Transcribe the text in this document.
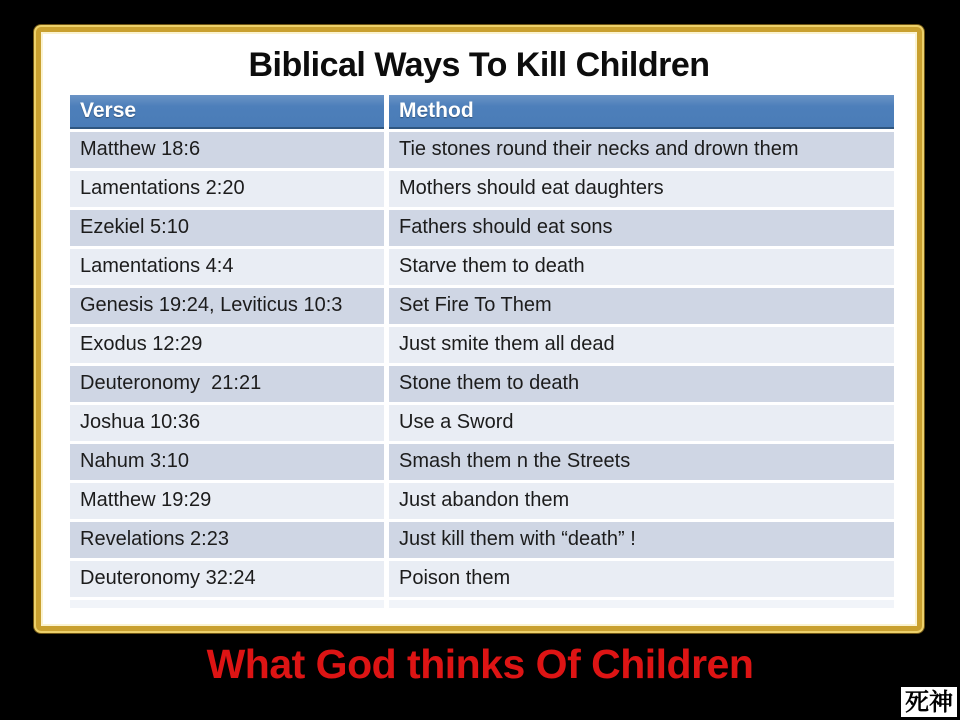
Biblical Ways To Kill Children
Verse	Method
Matthew 18:6	Tie stones round their necks and drown them
Lamentations 2:20	Mothers should eat daughters
Ezekiel 5:10	Fathers should eat sons
Lamentations 4:4	Starve them to death
Genesis 19:24, Leviticus 10:3	Set Fire To Them
Exodus 12:29	Just smite them all dead
Deuteronomy  21:21	Stone them to death
Joshua 10:36	Use a Sword
Nahum 3:10	Smash them n the Streets
Matthew 19:29	Just abandon them
Revelations 2:23	Just kill them with “death” !
Deuteronomy 32:24	Poison them
What God thinks Of Children
死神
